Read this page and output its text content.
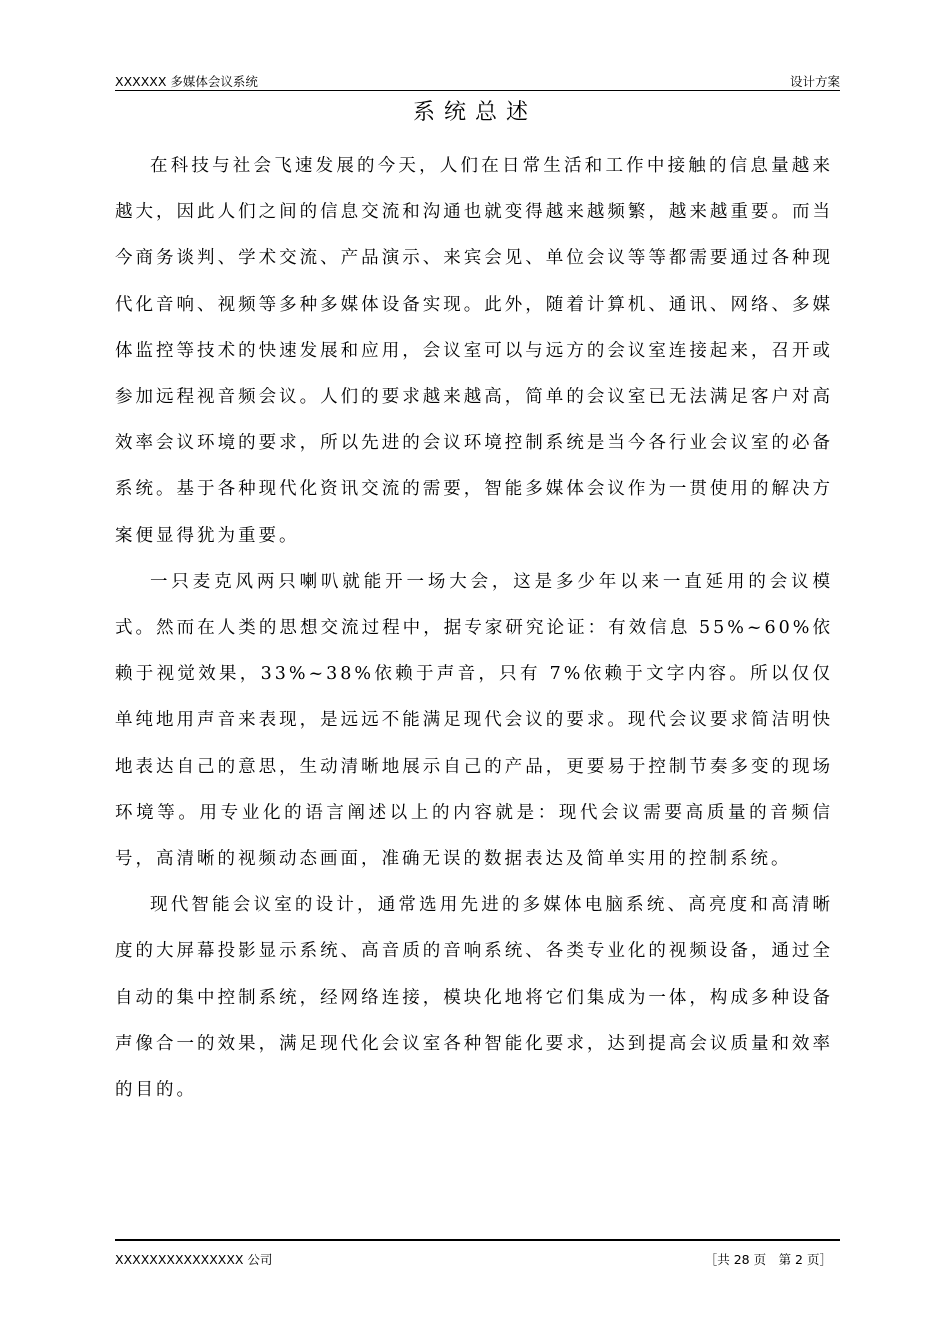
XXXXXX 多媒体会议系统	设计方案
系统总述

在科技与社会飞速发展的今天，人们在日常生活和工作中接触的信息量越来越大，因此人们之间的信息交流和沟通也就变得越来越频繁，越来越重要。而当今商务谈判、学术交流、产品演示、来宾会见、单位会议等等都需要通过各种现代化音响、视频等多种多媒体设备实现。此外，随着计算机、通讯、网络、多媒体监控等技术的快速发展和应用，会议室可以与远方的会议室连接起来，召开或参加远程视音频会议。人们的要求越来越高，简单的会议室已无法满足客户对高效率会议环境的要求，所以先进的会议环境控制系统是当今各行业会议室的必备系统。基于各种现代化资讯交流的需要，智能多媒体会议作为一贯使用的解决方案便显得犹为重要。

一只麦克风两只喇叭就能开一场大会，这是多少年以来一直延用的会议模式。然而在人类的思想交流过程中，据专家研究论证：有效信息 55%~60%依赖于视觉效果，33%~38%依赖于声音，只有 7%依赖于文字内容。所以仅仅单纯地用声音来表现，是远远不能满足现代会议的要求。现代会议要求简洁明快地表达自己的意思，生动清晰地展示自己的产品，更要易于控制节奏多变的现场环境等。用专业化的语言阐述以上的内容就是：现代会议需要高质量的音频信号，高清晰的视频动态画面，准确无误的数据表达及简单实用的控制系统。

现代智能会议室的设计，通常选用先进的多媒体电脑系统、高亮度和高清晰度的大屏幕投影显示系统、高音质的音响系统、各类专业化的视频设备，通过全自动的集中控制系统，经网络连接，模块化地将它们集成为一体，构成多种设备声像合一的效果，满足现代化会议室各种智能化要求，达到提高会议质量和效率的目的。

XXXXXXXXXXXXXXX 公司	［共 28 页　第 2 页］
